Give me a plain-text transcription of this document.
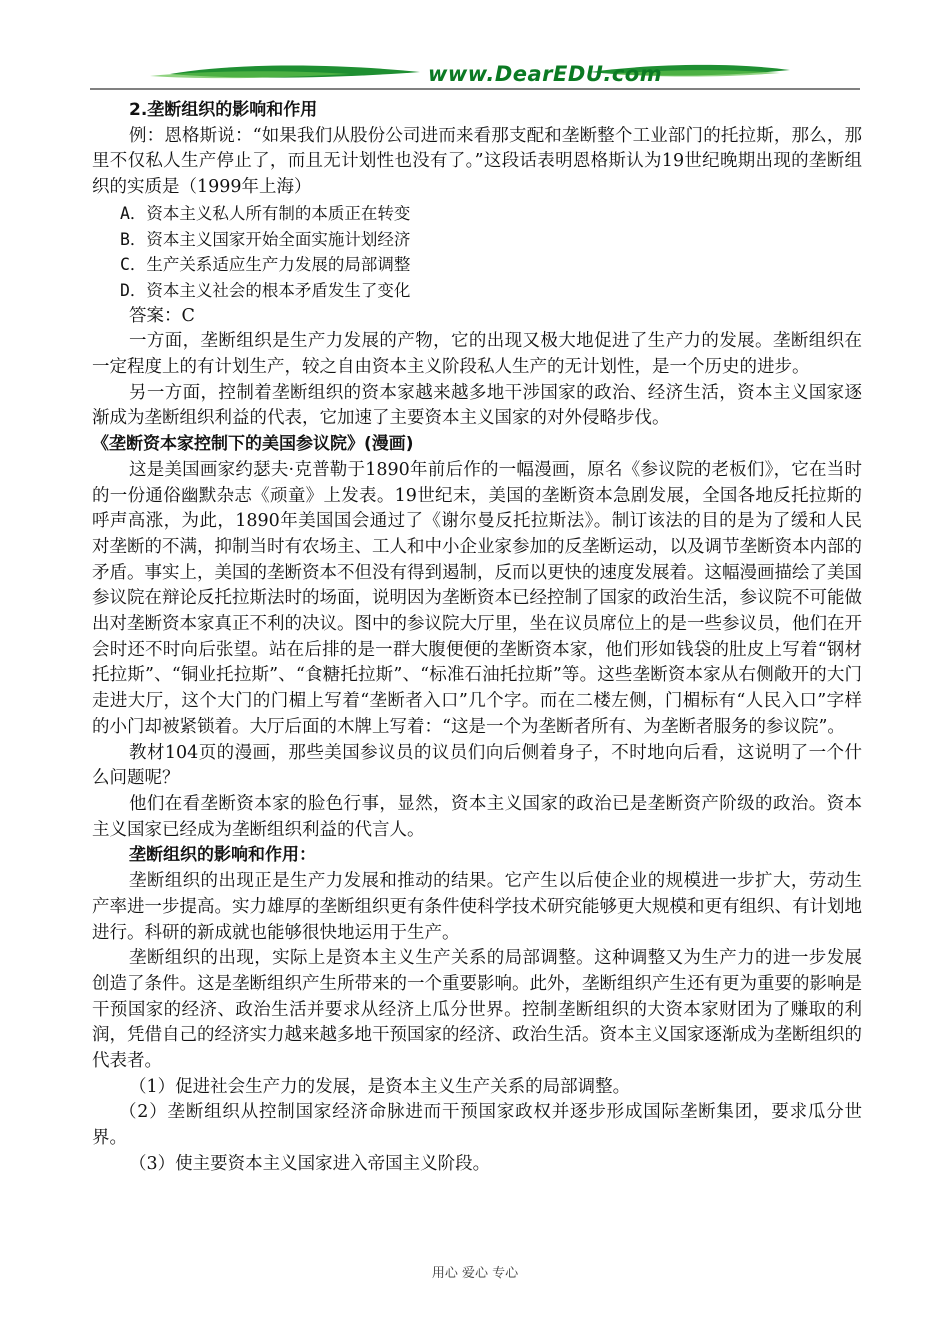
www.DearEDU.com

2.垄断组织的影响和作用

例：恩格斯说：“如果我们从股份公司进而来看那支配和垄断整个工业部门的托拉斯，那么，那里不仅私人生产停止了，而且无计划性也没有了。”这段话表明恩格斯认为19世纪晚期出现的垄断组织的实质是（1999年上海）

A．资本主义私人所有制的本质正在转变

B．资本主义国家开始全面实施计划经济

C．生产关系适应生产力发展的局部调整

D．资本主义社会的根本矛盾发生了变化

答案：C

一方面，垄断组织是生产力发展的产物，它的出现又极大地促进了生产力的发展。垄断组织在一定程度上的有计划生产，较之自由资本主义阶段私人生产的无计划性，是一个历史的进步。

另一方面，控制着垄断组织的资本家越来越多地干涉国家的政治、经济生活，资本主义国家逐渐成为垄断组织利益的代表，它加速了主要资本主义国家的对外侵略步伐。

《垄断资本家控制下的美国参议院》(漫画)

这是美国画家约瑟夫·克普勒于1890年前后作的一幅漫画，原名《参议院的老板们》，它在当时的一份通俗幽默杂志《顽童》上发表。19世纪末，美国的垄断资本急剧发展，全国各地反托拉斯的呼声高涨，为此，1890年美国国会通过了《谢尔曼反托拉斯法》。制订该法的目的是为了缓和人民对垄断的不满，抑制当时有农场主、工人和中小企业家参加的反垄断运动，以及调节垄断资本内部的矛盾。事实上，美国的垄断资本不但没有得到遏制，反而以更快的速度发展着。这幅漫画描绘了美国参议院在辩论反托拉斯法时的场面，说明因为垄断资本已经控制了国家的政治生活，参议院不可能做出对垄断资本家真正不利的决议。图中的参议院大厅里，坐在议员席位上的是一些参议员，他们在开会时还不时向后张望。站在后排的是一群大腹便便的垄断资本家，他们形如钱袋的肚皮上写着“钢材托拉斯”、“铜业托拉斯”、“食糖托拉斯”、“标准石油托拉斯”等。这些垄断资本家从右侧敞开的大门走进大厅，这个大门的门楣上写着“垄断者入口”几个字。而在二楼左侧，门楣标有“人民入口”字样的小门却被紧锁着。大厅后面的木牌上写着：“这是一个为垄断者所有、为垄断者服务的参议院”。

教材104页的漫画，那些美国参议员的议员们向后侧着身子，不时地向后看，这说明了一个什么问题呢？

他们在看垄断资本家的脸色行事，显然，资本主义国家的政治已是垄断资产阶级的政治。资本主义国家已经成为垄断组织利益的代言人。

垄断组织的影响和作用：

垄断组织的出现正是生产力发展和推动的结果。它产生以后使企业的规模进一步扩大，劳动生产率进一步提高。实力雄厚的垄断组织更有条件使科学技术研究能够更大规模和更有组织、有计划地进行。科研的新成就也能够很快地运用于生产。

垄断组织的出现，实际上是资本主义生产关系的局部调整。这种调整又为生产力的进一步发展创造了条件。这是垄断组织产生所带来的一个重要影响。此外，垄断组织产生还有更为重要的影响是干预国家的经济、政治生活并要求从经济上瓜分世界。控制垄断组织的大资本家财团为了赚取的利润，凭借自己的经济实力越来越多地干预国家的经济、政治生活。资本主义国家逐渐成为垄断组织的代表者。

（1）促进社会生产力的发展，是资本主义生产关系的局部调整。

（2）垄断组织从控制国家经济命脉进而干预国家政权并逐步形成国际垄断集团，要求瓜分世界。

（3）使主要资本主义国家进入帝国主义阶段。

用心 爱心 专心
